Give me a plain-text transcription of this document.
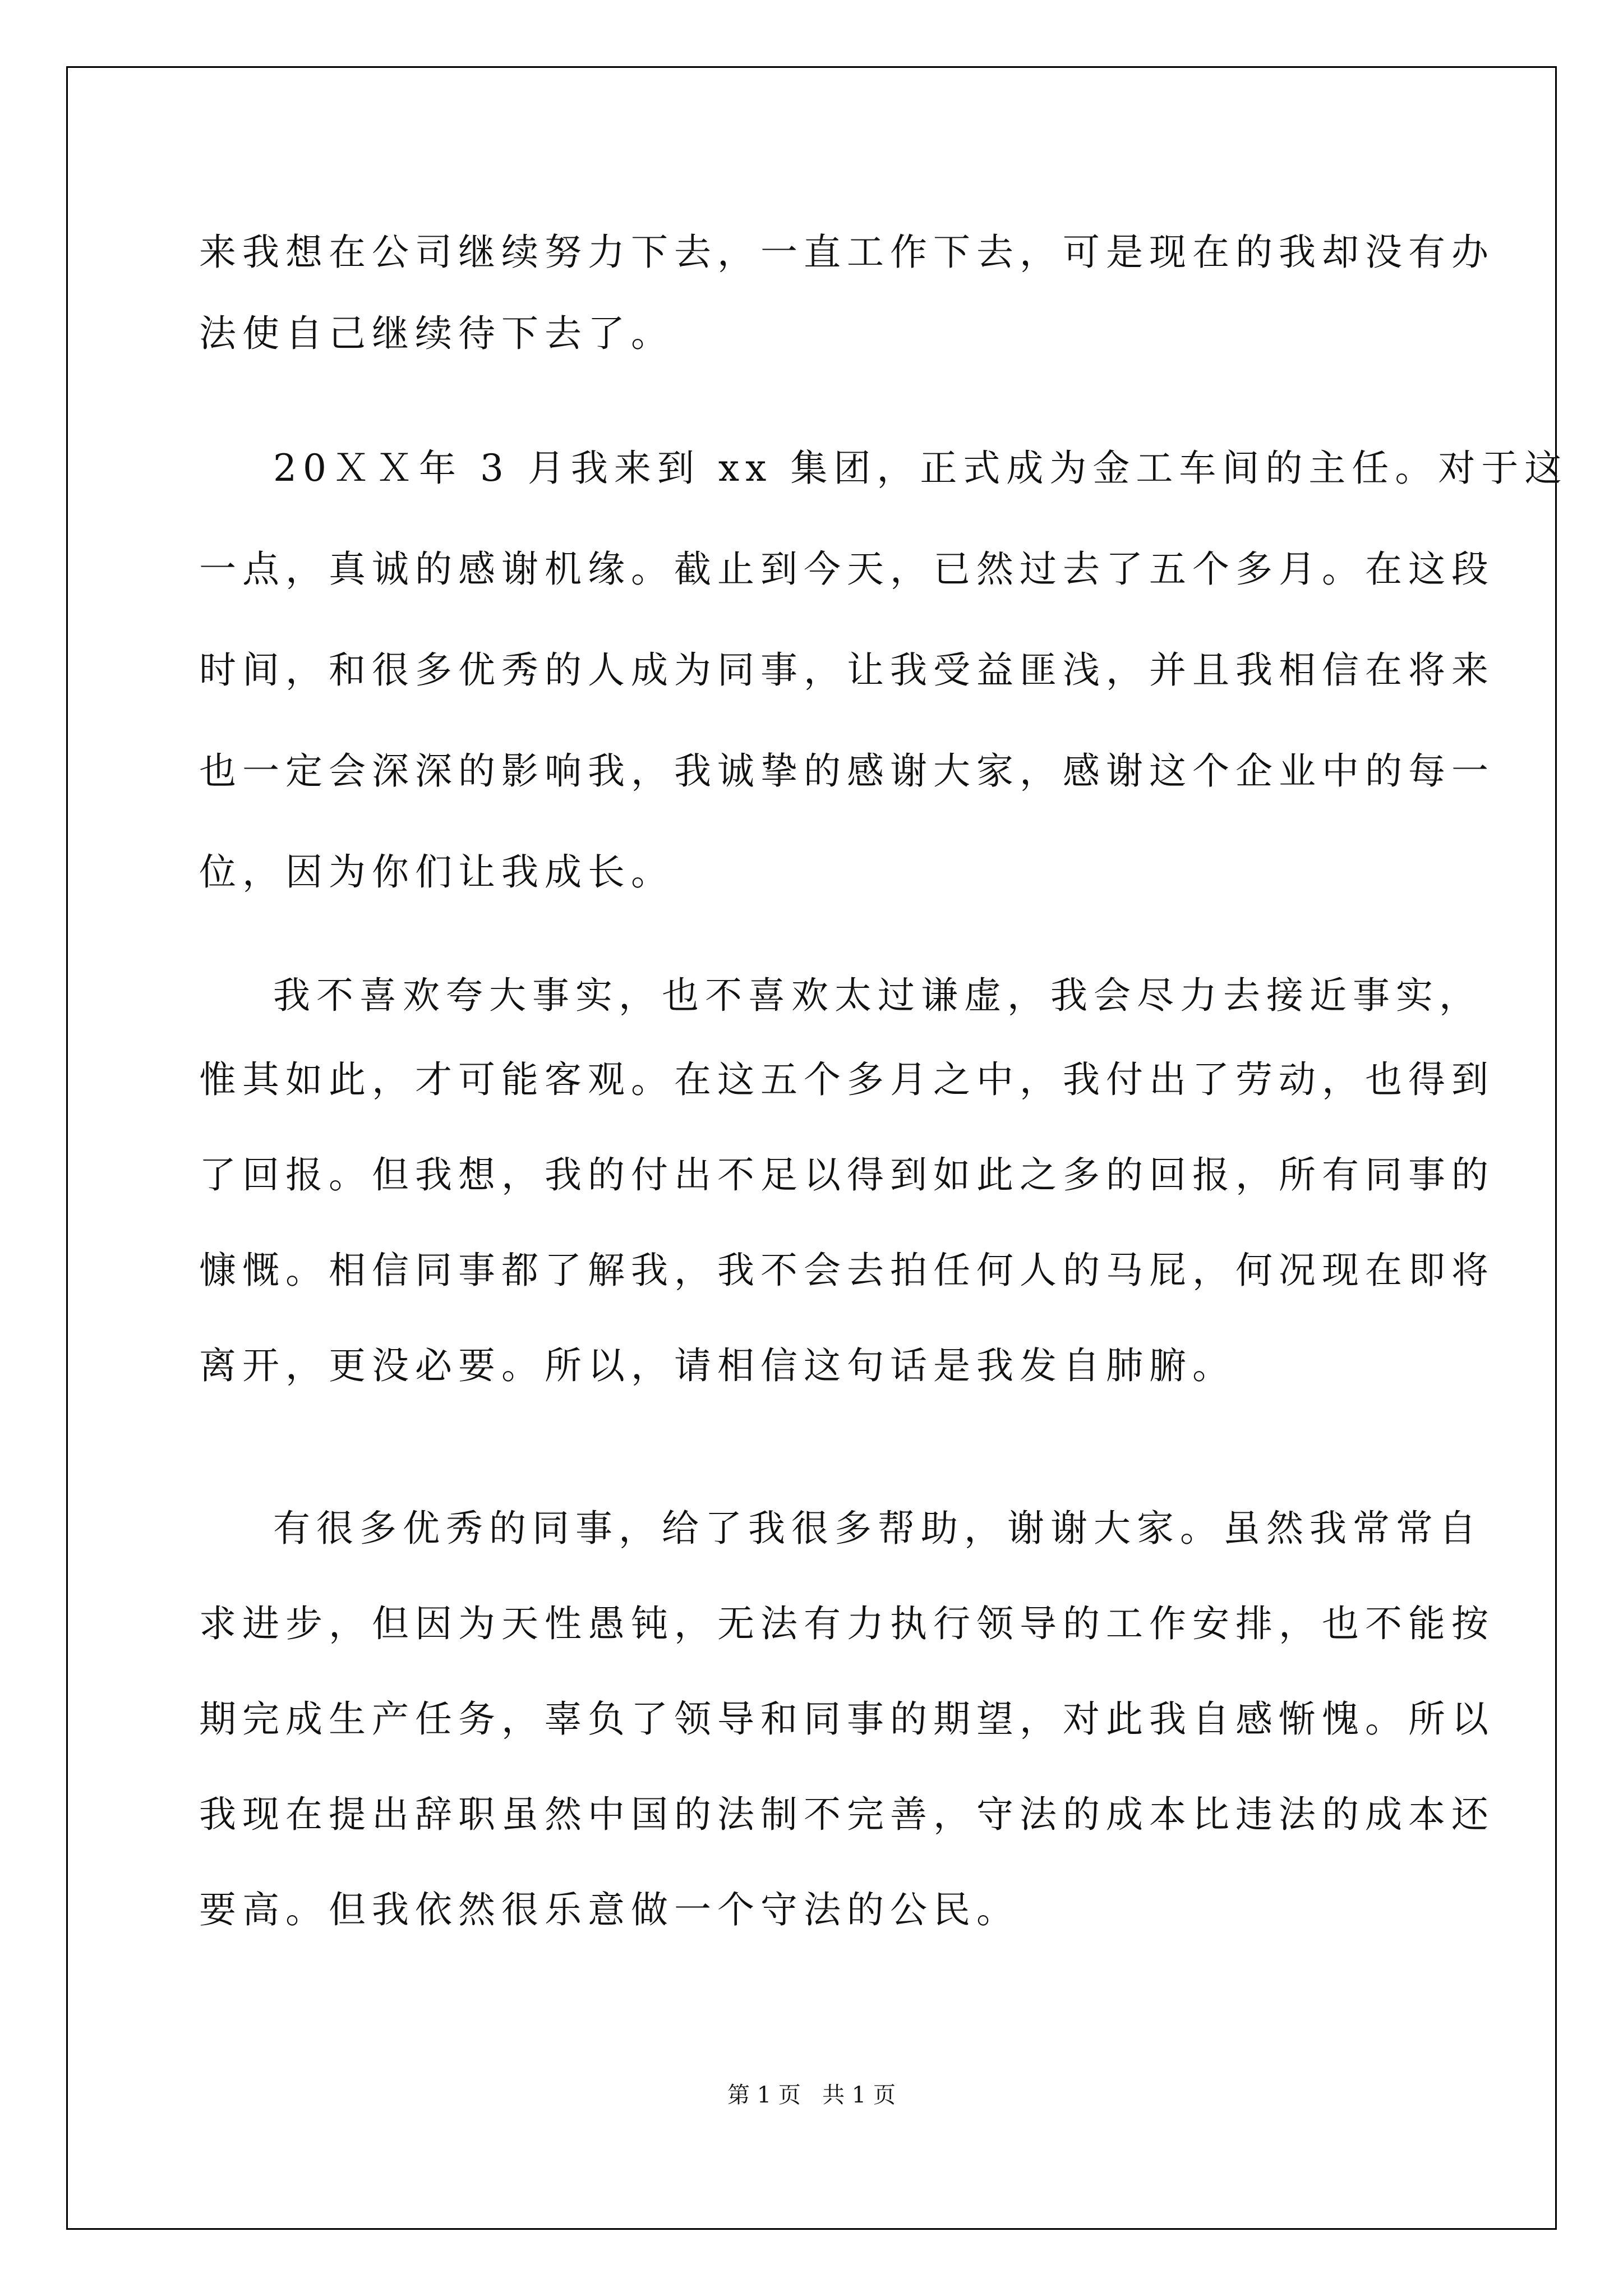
来我想在公司继续努力下去，一直工作下去，可是现在的我却没有办
法使自己继续待下去了。
20ＸＸ年 3 月我来到 xx 集团，正式成为金工车间的主任。对于这
一点，真诚的感谢机缘。截止到今天，已然过去了五个多月。在这段
时间，和很多优秀的人成为同事，让我受益匪浅，并且我相信在将来
也一定会深深的影响我，我诚挚的感谢大家，感谢这个企业中的每一
位，因为你们让我成长。
我不喜欢夸大事实，也不喜欢太过谦虚，我会尽力去接近事实，
惟其如此，才可能客观。在这五个多月之中，我付出了劳动，也得到
了回报。但我想，我的付出不足以得到如此之多的回报，所有同事的
慷慨。相信同事都了解我，我不会去拍任何人的马屁，何况现在即将
离开，更没必要。所以，请相信这句话是我发自肺腑。
有很多优秀的同事，给了我很多帮助，谢谢大家。虽然我常常自
求进步，但因为天性愚钝，无法有力执行领导的工作安排，也不能按
期完成生产任务，辜负了领导和同事的期望，对此我自感惭愧。所以
我现在提出辞职虽然中国的法制不完善，守法的成本比违法的成本还
要高。但我依然很乐意做一个守法的公民。
第 1 页   共 1 页
